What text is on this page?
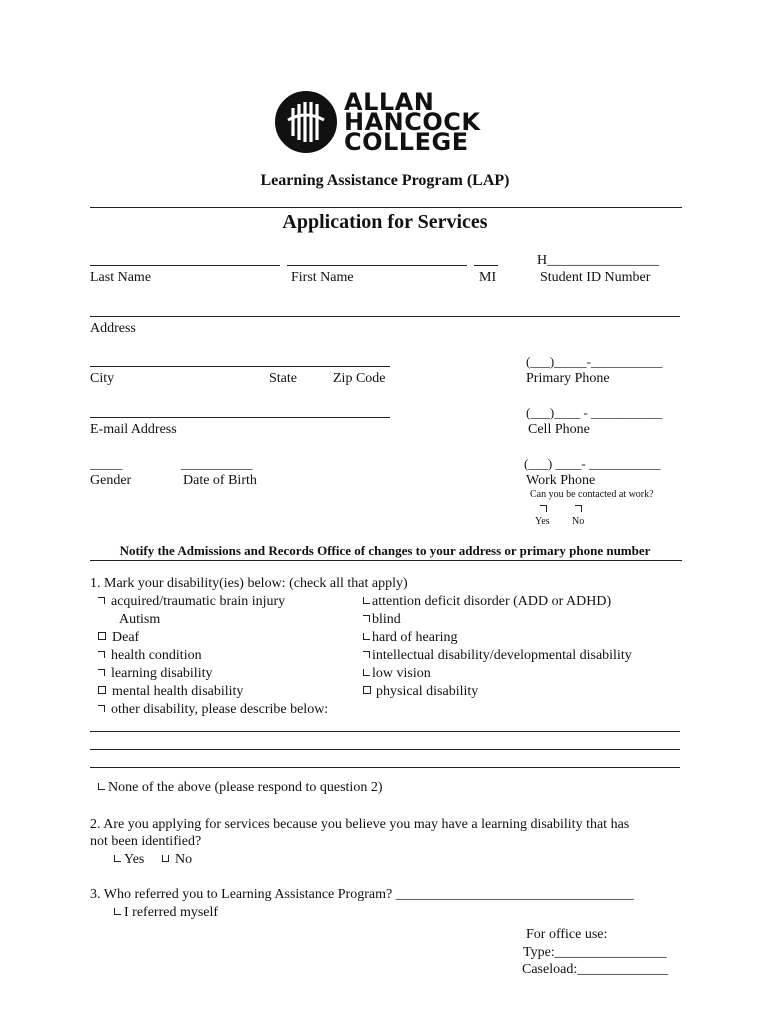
ALLAN
HANCOCK
COLLEGE
Learning Assistance Program (LAP)
Application for Services
H________________
Last Name	First Name	MI	Student ID Number
Address
(___)_____-___________
City	State	Zip Code	Primary Phone
(___)____ - ___________
E-mail Address	Cell Phone
_____	___________	(___) ____- ___________
Gender	Date of Birth	Work Phone
Can you be contacted at work?
Yes No
Notify the Admissions and Records Office of changes to your address or primary phone number
1. Mark your disability(ies) below: (check all that apply)
acquired/traumatic brain injury
Autism
Deaf
health condition
learning disability
mental health disability
other disability, please describe below:
attention deficit disorder (ADD or ADHD)
blind
hard of hearing
intellectual disability/developmental disability
low vision
physical disability
None of the above (please respond to question 2)
2. Are you applying for services because you believe you may have a learning disability that has
not been identified?
Yes	No
3. Who referred you to Learning Assistance Program? __________________________________
I referred myself
For office use:
Type:________________
Caseload:_____________
